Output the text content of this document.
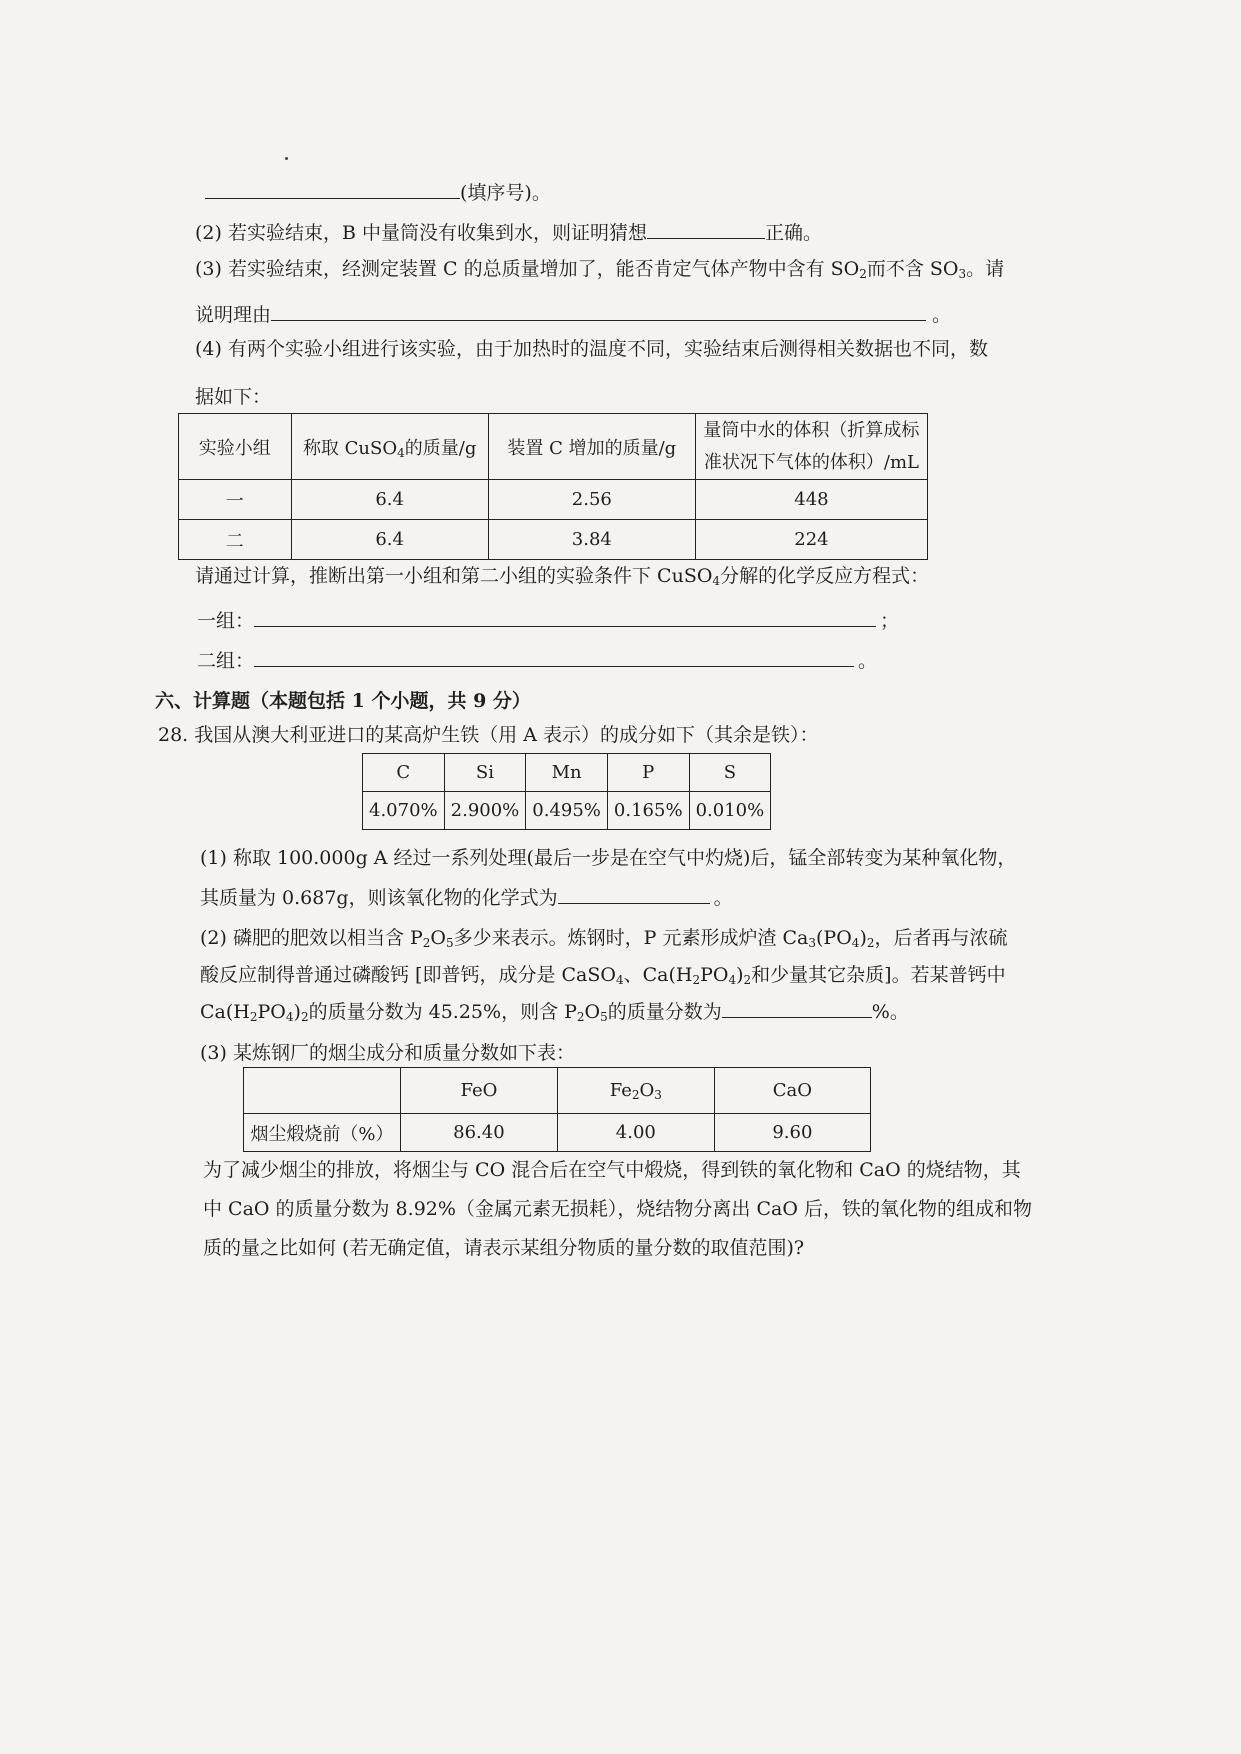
(填序号)。
(2) 若实验结束，B 中量筒没有收集到水，则证明猜想	正确。
(3) 若实验结束，经测定装置 C 的总质量增加了，能否肯定气体产物中含有 $SO_2$而不含 $SO_3$。请
说明理由	。
(4) 有两个实验小组进行该实验，由于加热时的温度不同，实验结束后测得相关数据也不同，数
据如下：
实验小组	称取 CuSO$_4$的质量/g	装置 C 增加的质量/g	量筒中水的体积（折算成标
准状况下气体的体积）/mL
一	6.4	2.56	448
二	6.4	3.84	224
请通过计算，推断出第一小组和第二小组的实验条件下 CuSO$_4$分解的化学反应方程式：
一组：	；
二组：	。
六、计算题（本题包括 1 个小题，共 9 分）
28. 我国从澳大利亚进口的某高炉生铁（用 A 表示）的成分如下（其余是铁）：
C	Si	Mn	P	S
4.070%	2.900%	0.495%	0.165%	0.010%
(1) 称取 100.000g A 经过一系列处理(最后一步是在空气中灼烧)后，锰全部转变为某种氧化物，
其质量为 0.687g，则该氧化物的化学式为	。
(2) 磷肥的肥效以相当含 $P_2O_5$多少来表示。炼钢时，P 元素形成炉渣 $Ca_3(PO_4)_2$，后者再与浓硫
酸反应制得普通过磷酸钙 [即普钙，成分是 CaSO$_4$、$Ca(H_2PO_4)_2$和少量其它杂质]。若某普钙中
$Ca(H_2PO_4)_2$的质量分数为 45.25%，则含 $P_2O_5$的质量分数为	%。
(3) 某炼钢厂的烟尘成分和质量分数如下表：
	FeO	$Fe_2O_3$	CaO
烟尘煅烧前（%）	86.40	4.00	9.60
为了减少烟尘的排放，将烟尘与 CO 混合后在空气中煅烧，得到铁的氧化物和 CaO 的烧结物，其
中 CaO 的质量分数为 8.92%（金属元素无损耗），烧结物分离出 CaO 后，铁的氧化物的组成和物
质的量之比如何 (若无确定值，请表示某组分物质的量分数的取值范围)?
